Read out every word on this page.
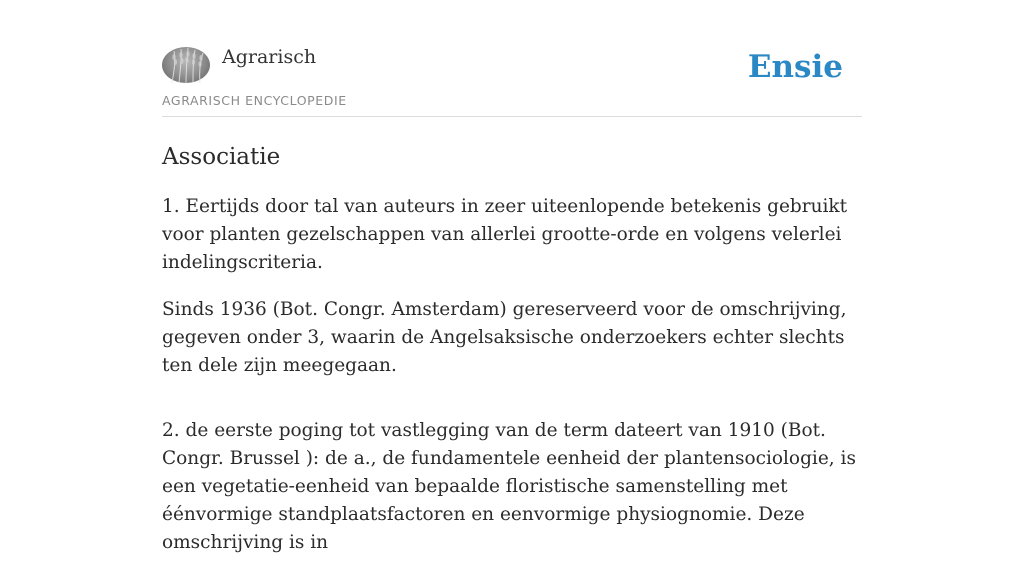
Agrarisch
AGRARISCH ENCYCLOPEDIE
Ensie
Associatie

1. Eertijds door tal van auteurs in zeer uiteenlopende betekenis gebruikt voor planten gezelschappen van allerlei grootte-orde en volgens velerlei indelingscriteria.

Sinds 1936 (Bot. Congr. Amsterdam) gereserveerd voor de omschrijving, gegeven onder 3, waarin de Angelsaksische onderzoekers echter slechts ten dele zijn meegegaan.

2. de eerste poging tot vastlegging van de term dateert van 1910 (Bot. Congr. Brussel ): de a., de fundamentele eenheid der plantensociologie, is een vegetatie-eenheid van bepaalde floristische samenstelling met éénvormige standplaatsfactoren en eenvormige physiognomie. Deze omschrijving is in
